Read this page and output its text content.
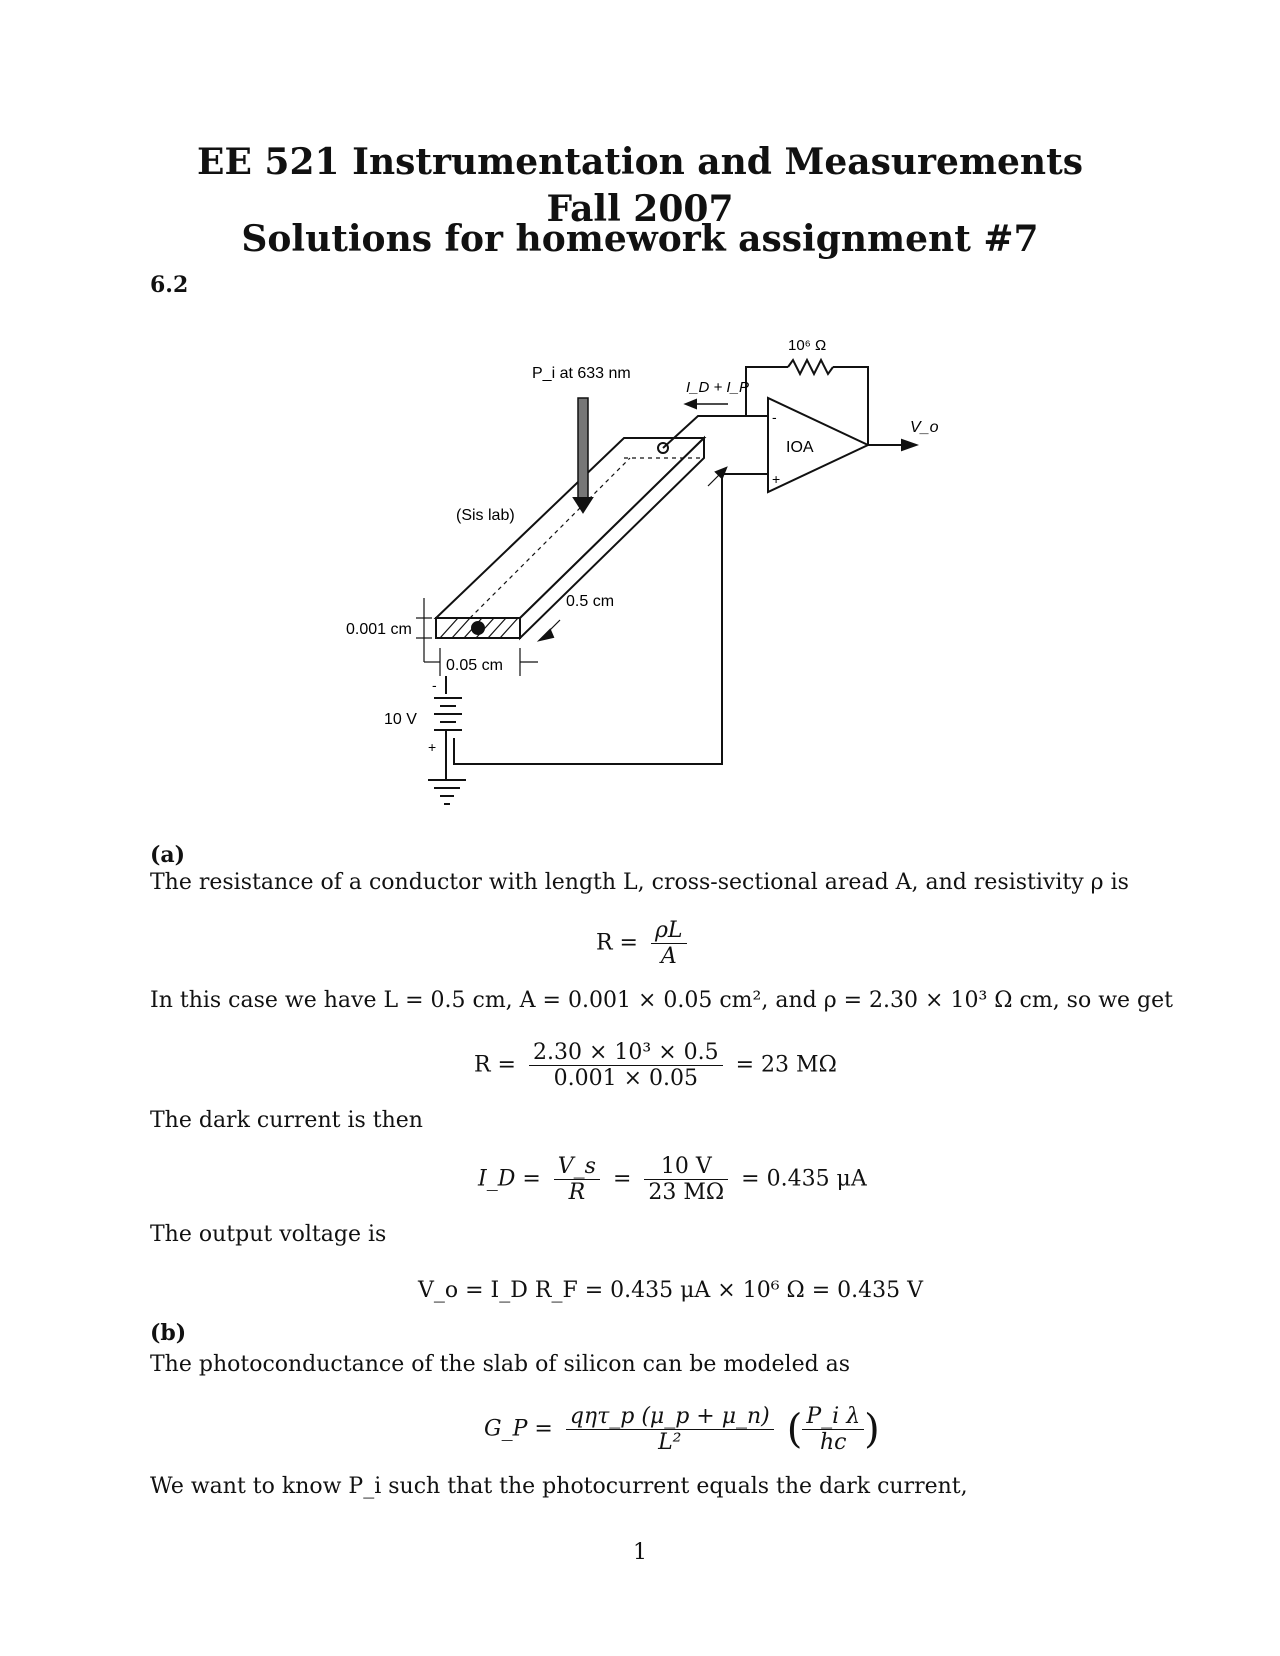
EE 521 Instrumentation and Measurements
Fall 2007
Solutions for homework assignment #7
6.2
P_i at 633 nm
10⁶ Ω
I_D + I_P
IOA
V_o
(Sis lab)
0.5 cm
0.001 cm
0.05 cm
10 V
-
+
-
+
(a)
The resistance of a conductor with length L, cross-sectional aread A, and resistivity ρ is
$R = \frac{\rho L}{A}$
In this case we have L = 0.5 cm, A = 0.001 × 0.05 cm², and ρ = 2.30 × 10³ Ω cm, so we get
$R = \frac{\text{2.30 × 10³ × 0.5}}{0.001 \times 0.05} = 23$ MΩ
The dark current is then
I_D = $\frac{V\_s}{R} = \frac{10 V}{23 M\Omega} = 0.435$ μA
The output voltage is
V_o = I_D R_F = 0.435 μA × 10⁶ Ω = 0.435 V
(b)
The photoconductance of the slab of silicon can be modeled as
G_P = $\frac{\text{qητ\_p (μ\_p + μ\_n)}}{\text{L²}}$ ( $\frac{\text{P\_i λ}}{hc}$ )
We want to know P_i such that the photocurrent equals the dark current,
1
